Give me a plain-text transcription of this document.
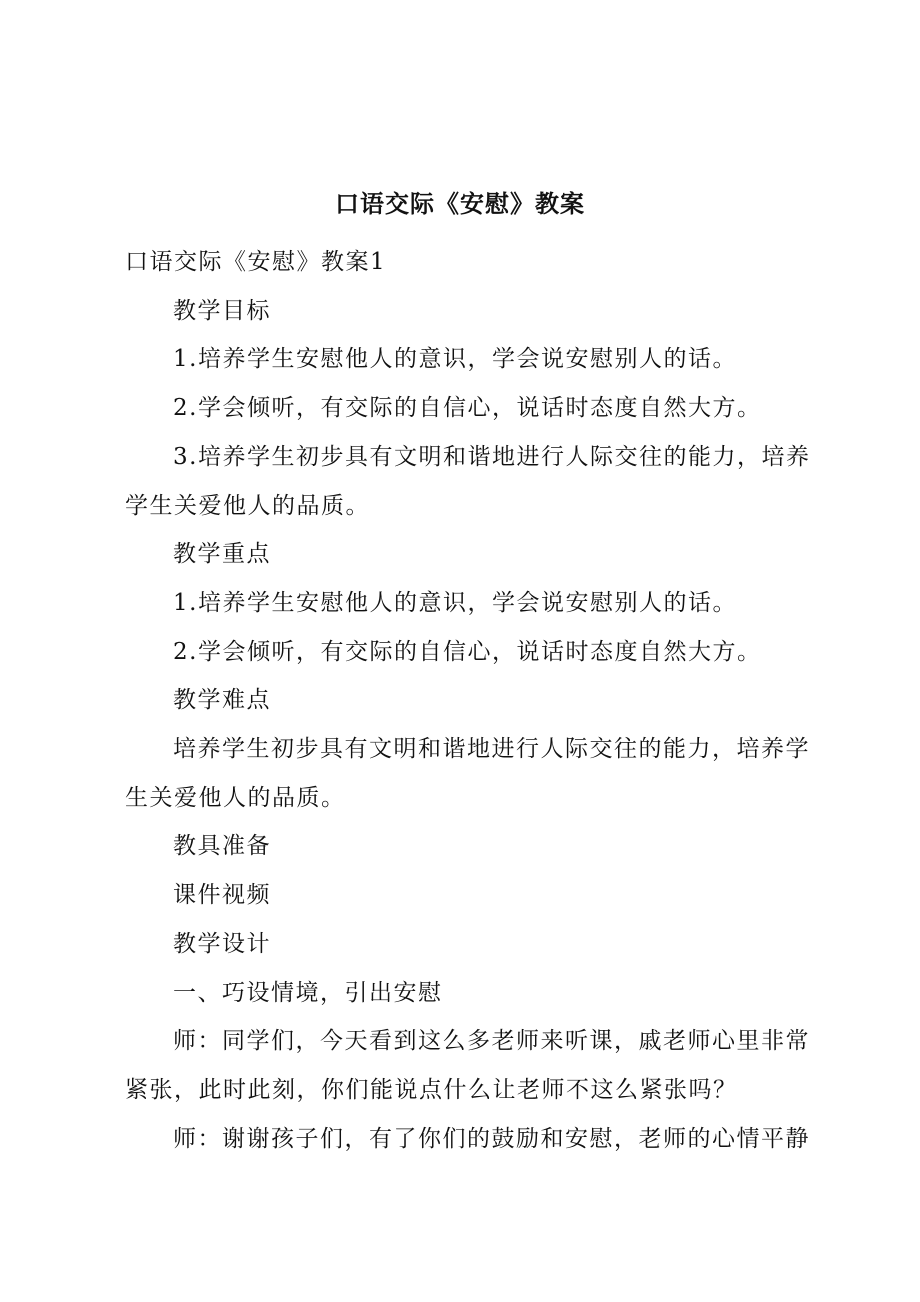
口语交际《安慰》教案

口语交际《安慰》教案1

教学目标

1.培养学生安慰他人的意识，学会说安慰别人的话。

2.学会倾听，有交际的自信心，说话时态度自然大方。

3.培养学生初步具有文明和谐地进行人际交往的能力，培养学生关爱他人的品质。

教学重点

1.培养学生安慰他人的意识，学会说安慰别人的话。

2.学会倾听，有交际的自信心，说话时态度自然大方。

教学难点

培养学生初步具有文明和谐地进行人际交往的能力，培养学生关爱他人的品质。

教具准备

课件视频

教学设计

一、巧设情境，引出安慰

师：同学们，今天看到这么多老师来听课，戚老师心里非常紧张，此时此刻，你们能说点什么让老师不这么紧张吗？

师：谢谢孩子们，有了你们的鼓励和安慰，老师的心情平静
